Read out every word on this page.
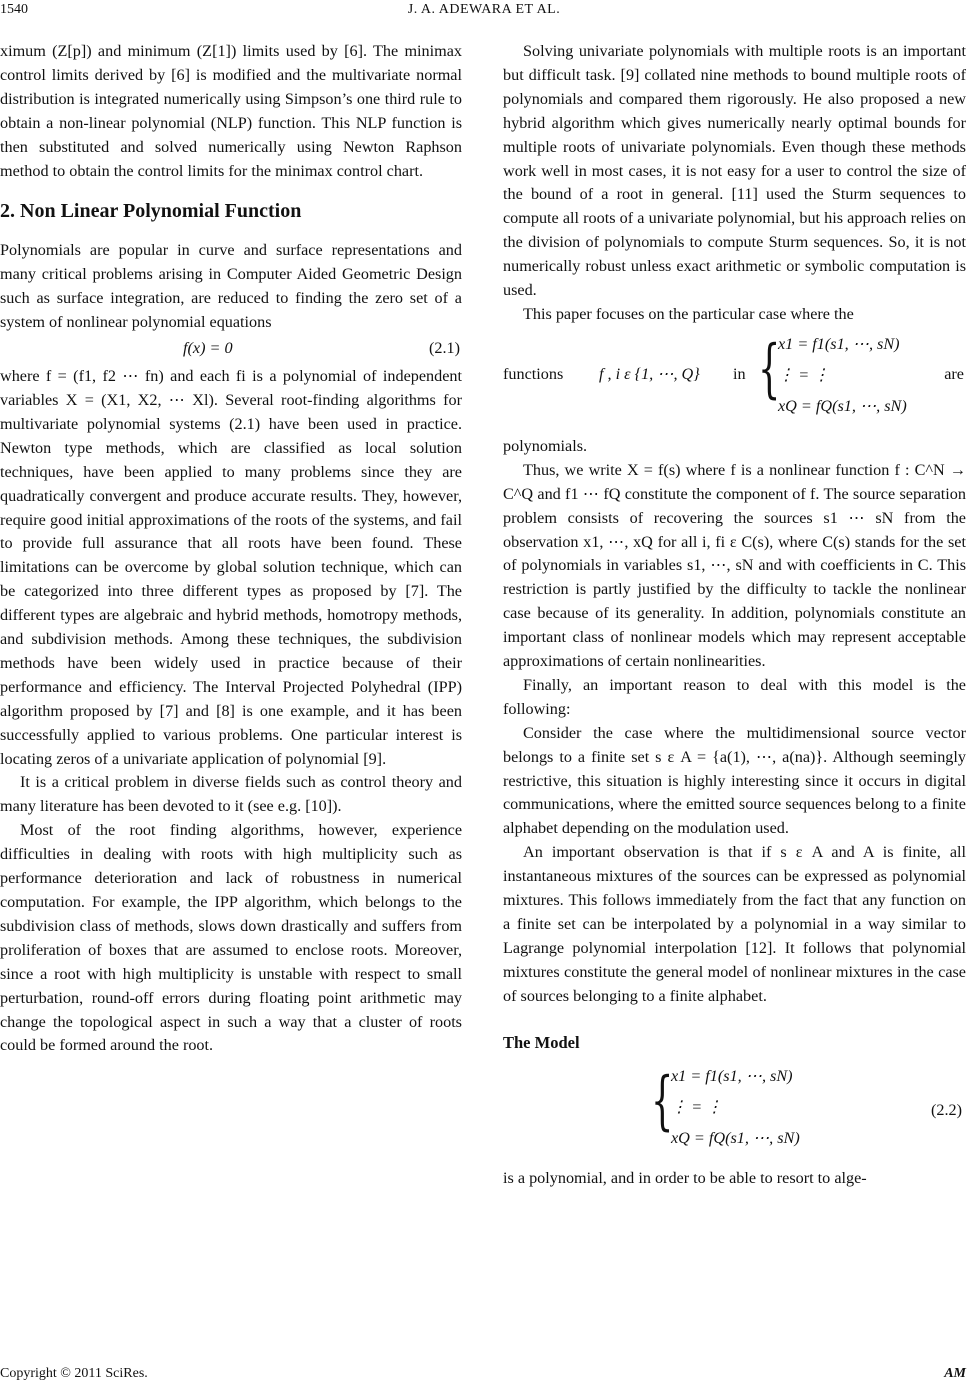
1540	J. A. ADEWARA ET AL.

ximum (Z[p]) and minimum (Z[1]) limits used by [6]. The minimax control limits derived by [6] is modified and the multivariate normal distribution is integrated numerically using Simpson’s one third rule to obtain a non-linear polynomial (NLP) function. This NLP function is then substituted and solved numerically using Newton Raphson method to obtain the control limits for the minimax control chart.

2. Non Linear Polynomial Function

Polynomials are popular in curve and surface representations and many critical problems arising in Computer Aided Geometric Design such as surface integration, are reduced to finding the zero set of a system of nonlinear polynomial equations

f(x) = 0	(2.1)

where f = (f1, f2 ⋯ fn) and each fi is a polynomial of independent variables X = (X1, X2, ⋯ Xl). Several root-finding algorithms for multivariate polynomial systems (2.1) have been used in practice. Newton type methods, which are classified as local solution techniques, have been applied to many problems since they are quadratically convergent and produce accurate results. They, however, require good initial approximations of the roots of the systems, and fail to provide full assurance that all roots have been found. These limitations can be overcome by global solution technique, which can be categorized into three different types as proposed by [7]. The different types are algebraic and hybrid methods, homotropy methods, and subdivision methods. Among these techniques, the subdivision methods have been widely used in practice because of their performance and efficiency. The Interval Projected Polyhedral (IPP) algorithm proposed by [7] and [8] is one example, and it has been successfully applied to various problems. One particular interest is locating zeros of a univariate application of polynomial [9].

It is a critical problem in diverse fields such as control theory and many literature has been devoted to it (see e.g. [10]).

Most of the root finding algorithms, however, experience difficulties in dealing with roots with high multiplicity such as performance deterioration and lack of robustness in numerical computation. For example, the IPP algorithm, which belongs to the subdivision class of methods, slows down drastically and suffers from proliferation of boxes that are assumed to enclose roots. Moreover, since a root with high multiplicity is unstable with respect to small perturbation, round-off errors during floating point arithmetic may change the topological aspect in such a way that a cluster of roots could be formed around the root.

Solving univariate polynomials with multiple roots is an important but difficult task. [9] collated nine methods to bound multiple roots of polynomials and compared them rigorously. He also proposed a new hybrid algorithm which gives numerically nearly optimal bounds for multiple roots of univariate polynomials. Even though these methods work well in most cases, it is not easy for a user to control the size of the bound of a root in general. [11] used the Sturm sequences to compute all roots of a univariate polynomial, but his approach relies on the division of polynomials to compute Sturm sequences. So, it is not numerically robust unless exact arithmetic or symbolic computation is used.

This paper focuses on the particular case where the

functions f , i ε {1, ⋯, Q} in {
x1 = f1(s1, ⋯, sN)
⋮ = ⋮
xQ = fQ(s1, ⋯, sN)
are

polynomials.

Thus, we write X = f(s) where f is a nonlinear function f : C^N → C^Q and f1 ⋯ fQ constitute the component of f. The source separation problem consists of recovering the sources s1 ⋯ sN from the observation x1, ⋯, xQ for all i, fi ε C(s), where C(s) stands for the set of polynomials in variables s1, ⋯, sN and with coefficients in C. This restriction is partly justified by the difficulty to tackle the nonlinear case because of its generality. In addition, polynomials constitute an important class of nonlinear models which may represent acceptable approximations of certain nonlinearities.

Finally, an important reason to deal with this model is the following:

Consider the case where the multidimensional source vector belongs to a finite set s ε A = {a(1), ⋯, a(na)}. Although seemingly restrictive, this situation is highly interesting since it occurs in digital communications, where the emitted source sequences belong to a finite alphabet depending on the modulation used.

An important observation is that if s ε A and A is finite, all instantaneous mixtures of the sources can be expressed as polynomial mixtures. This follows immediately from the fact that any function on a finite set can be interpolated by a polynomial in a way similar to Lagrange polynomial interpolation [12]. It follows that polynomial mixtures constitute the general model of nonlinear mixtures in the case of sources belonging to a finite alphabet.

The Model
{
x1 = f1(s1, ⋯, sN)
⋮ = ⋮
xQ = fQ(s1, ⋯, sN)
(2.2)

is a polynomial, and in order to be able to resort to alge-

Copyright © 2011 SciRes.	AM
